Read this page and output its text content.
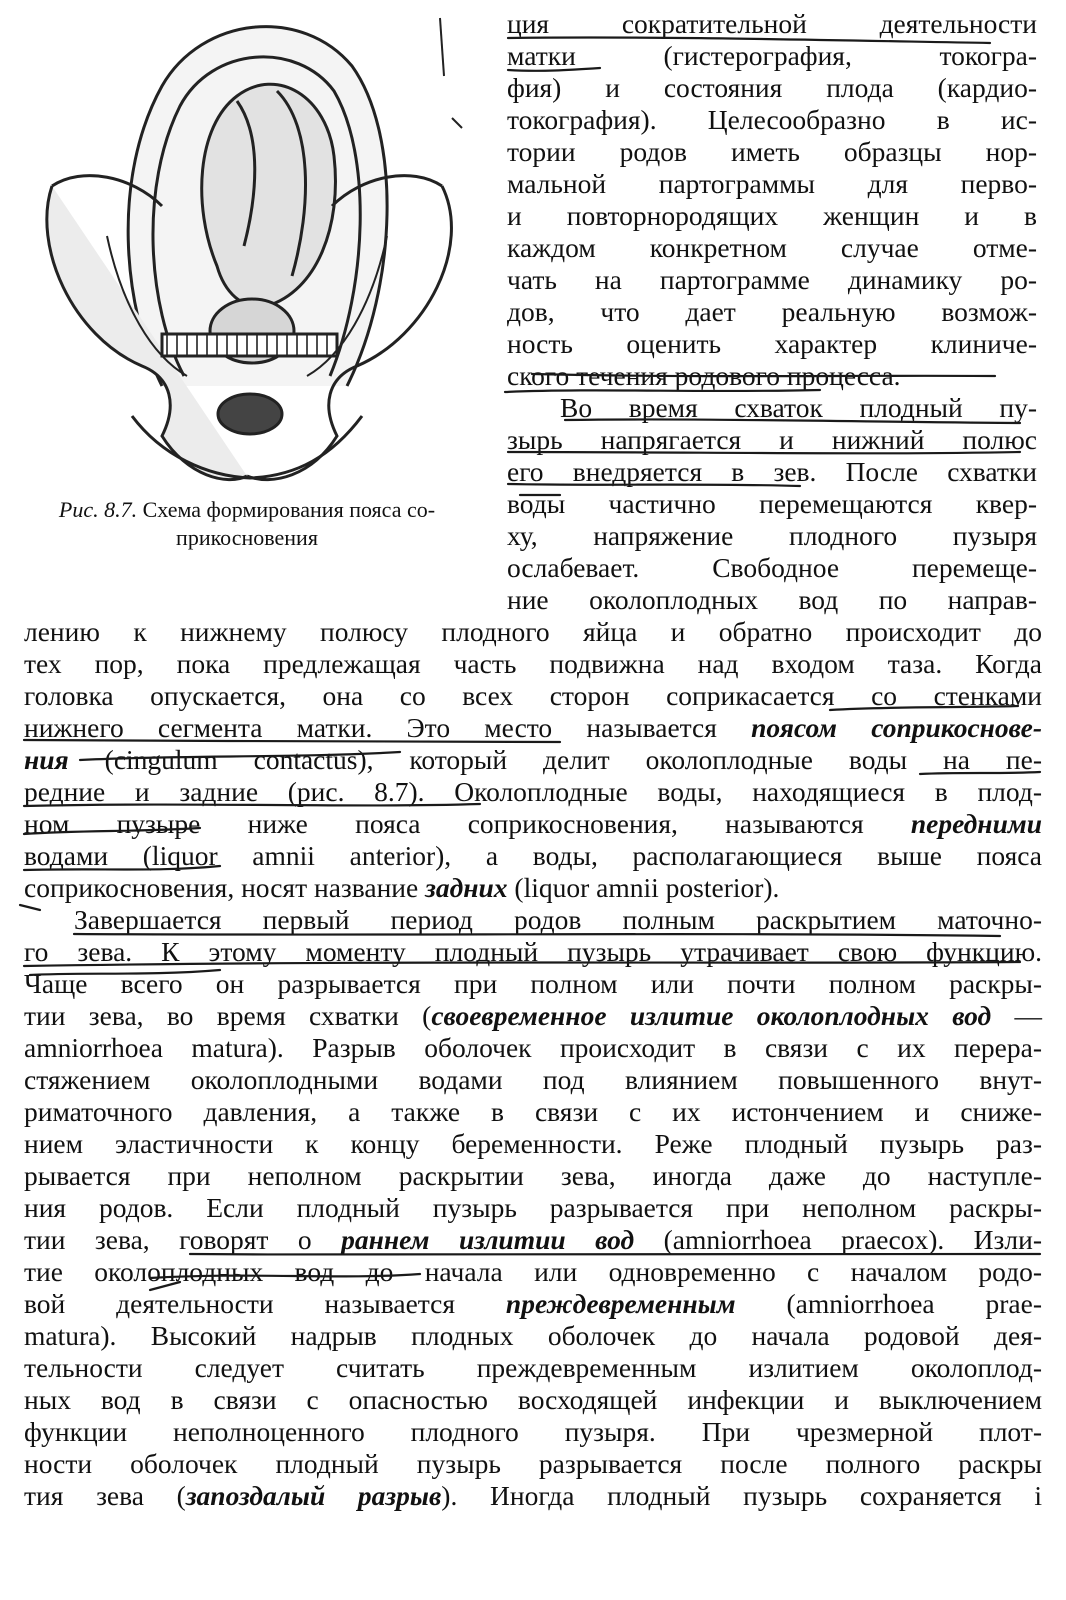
Рис. 8.7. Схема формирования пояса со-
прикосновения
ция сократительной деятельности
матки (гистерография, токогра-
фия) и состояния плода (кардио-
токография). Целесообразно в ис-
тории родов иметь образцы нор-
мальной партограммы для перво-
и повторнородящих женщин и в
каждом конкретном случае отме-
чать на партограмме динамику ро-
дов, что дает реальную возмож-
ность оценить характер клиниче-
ского течения родового процесса.
Во время схваток плодный пу-
зырь напрягается и нижний полюс
его внедряется в зев. После схватки
воды частично перемещаются квер-
ху, напряжение плодного пузыря
ослабевает. Свободное перемеще-
ние околоплодных вод по направ-
лению к нижнему полюсу плодного яйца и обратно происходит до
тех пор, пока предлежащая часть подвижна над входом таза. Когда
головка опускается, она со всех сторон соприкасается со стенками
нижнего сегмента матки. Это место называется поясом соприкоснове-
ния (cingulum contactus), который делит околоплодные воды на пе-
редние и задние (рис. 8.7). Околоплодные воды, находящиеся в плод-
ном пузыре ниже пояса соприкосновения, называются передними
водами (liquor amnii anterior), а воды, располагающиеся выше пояса
соприкосновения, носят название задних (liquor amnii posterior).
Завершается первый период родов полным раскрытием маточно-
го зева. К этому моменту плодный пузырь утрачивает свою функцию.
Чаще всего он разрывается при полном или почти полном раскры-
тии зева, во время схватки (своевременное излитие околоплодных вод —
amniorrhoea matura). Разрыв оболочек происходит в связи с их перера-
стяжением околоплодными водами под влиянием повышенного внут-
риматочного давления, а также в связи с их истончением и сниже-
нием эластичности к концу беременности. Реже плодный пузырь раз-
рывается при неполном раскрытии зева, иногда даже до наступле-
ния родов. Если плодный пузырь разрывается при неполном раскры-
тии зева, говорят о раннем излитии вод (amniorrhoea praecox). Изли-
тие околоплодных вод до начала или одновременно с началом родо-
вой деятельности называется преждевременным (amniorrhoea prae-
matura). Высокий надрыв плодных оболочек до начала родовой дея-
тельности следует считать преждевременным излитием околоплод-
ных вод в связи с опасностью восходящей инфекции и выключением
функции неполноценного плодного пузыря. При чрезмерной плот-
ности оболочек плодный пузырь разрывается после полного раскры
тия зева (запоздалый разрыв). Иногда плодный пузырь сохраняется і
